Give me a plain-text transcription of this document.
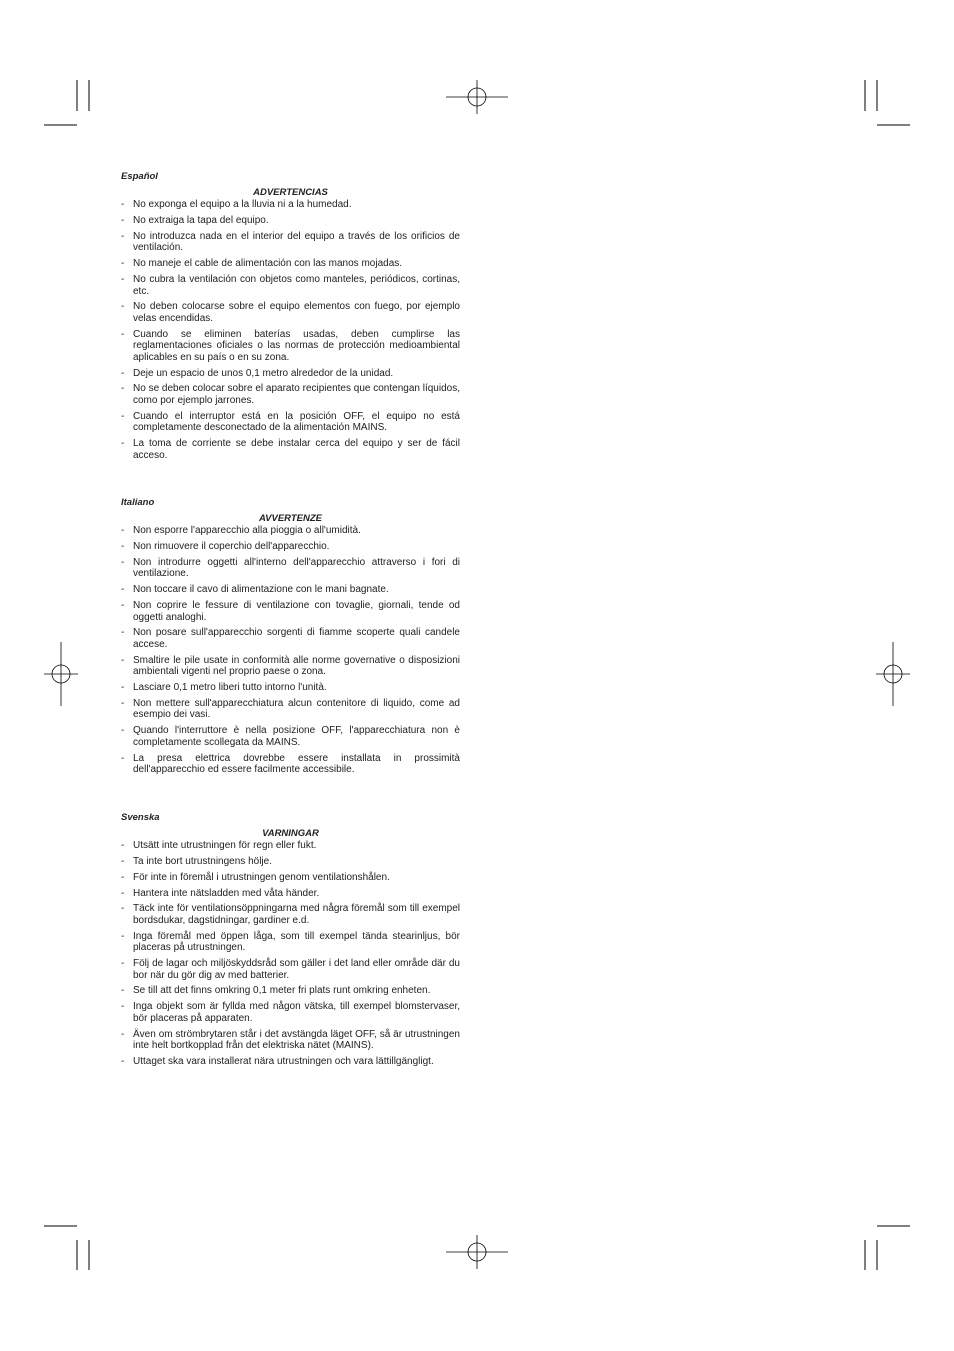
Español
ADVERTENCIAS
- No exponga el equipo a la lluvia ni a la humedad.
- No extraiga la tapa del equipo.
- No introduzca nada en el interior del equipo a través de los orificios de ventilación.
- No maneje el cable de alimentación con las manos mojadas.
- No cubra la ventilación con objetos como manteles, periódicos, cortinas, etc.
- No deben colocarse sobre el equipo elementos con fuego, por ejemplo velas encendidas.
- Cuando se eliminen baterías usadas, deben cumplirse las reglamentaciones oficiales o las normas de protección medioambiental aplicables en su país o en su zona.
- Deje un espacio de unos 0,1 metro alrededor de la unidad.
- No se deben colocar sobre el aparato recipientes que contengan líquidos, como por ejemplo jarrones.
- Cuando el interruptor está en la posición OFF, el equipo no está completamente desconectado de la alimentación MAINS.
- La toma de corriente se debe instalar cerca del equipo y ser de fácil acceso.
Italiano
AVVERTENZE
- Non esporre l'apparecchio alla pioggia o all'umidità.
- Non rimuovere il coperchio dell'apparecchio.
- Non introdurre oggetti all'interno dell'apparecchio attraverso i fori di ventilazione.
- Non toccare il cavo di alimentazione con le mani bagnate.
- Non coprire le fessure di ventilazione con tovaglie, giornali, tende od oggetti analoghi.
- Non posare sull'apparecchio sorgenti di fiamme scoperte quali candele accese.
- Smaltire le pile usate in conformità alle norme governative o disposizioni ambientali vigenti nel proprio paese o zona.
- Lasciare 0,1 metro liberi tutto intorno l'unità.
- Non mettere sull'apparecchiatura alcun contenitore di liquido, come ad esempio dei vasi.
- Quando l'interruttore è nella posizione OFF, l'apparecchiatura non è completamente scollegata da MAINS.
- La presa elettrica dovrebbe essere installata in prossimità dell'apparecchio ed essere facilmente accessibile.
Svenska
VARNINGAR
- Utsätt inte utrustningen för regn eller fukt.
- Ta inte bort utrustningens hölje.
- För inte in föremål i utrustningen genom ventilationshålen.
- Hantera inte nätsladden med våta händer.
- Täck inte för ventilationsöppningarna med några föremål som till exempel bordsdukar, dagstidningar, gardiner e.d.
- Inga föremål med öppen låga, som till exempel tända stearinljus, bör placeras på utrustningen.
- Följ de lagar och miljöskyddsråd som gäller i det land eller område där du bor när du gör dig av med batterier.
- Se till att det finns omkring 0,1 meter fri plats runt omkring enheten.
- Inga objekt som är fyllda med någon vätska, till exempel blomstervaser, bör placeras på apparaten.
- Även om strömbrytaren står i det avstängda läget OFF, så är utrustningen inte helt bortkopplad från det elektriska nätet (MAINS).
- Uttaget ska vara installerat nära utrustningen och vara lättillgängligt.
